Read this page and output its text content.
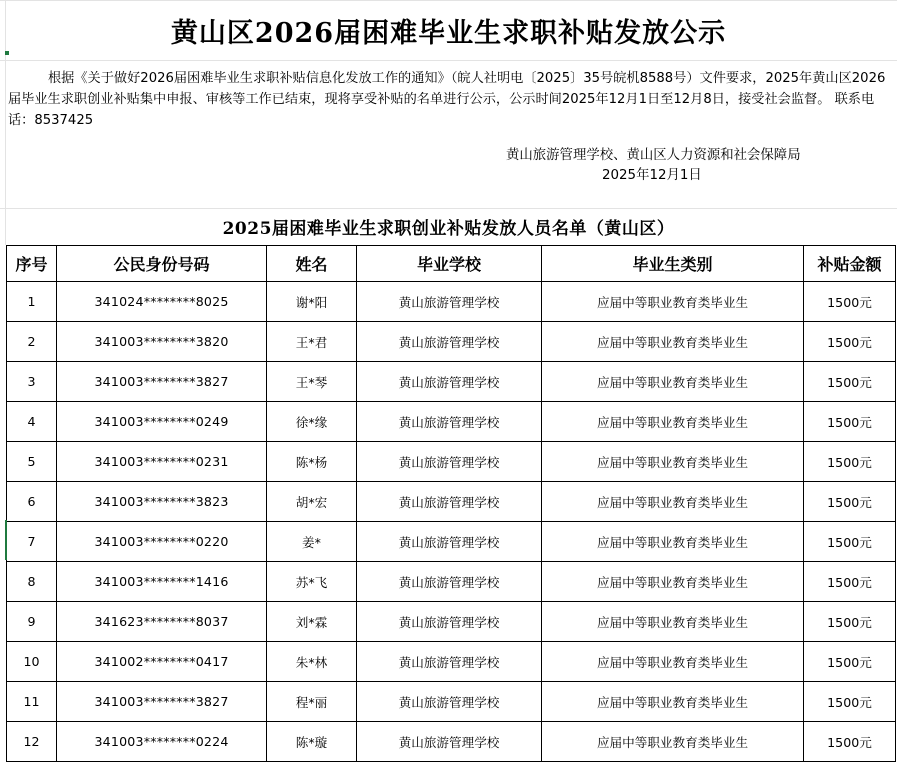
黄山区2026届困难毕业生求职补贴发放公示
根据《关于做好2026届困难毕业生求职补贴信息化发放工作的通知》（皖人社明电〔2025〕35号皖机8588号）文件要求，2025年黄山区2026届毕业生求职创业补贴集中申报、审核等工作已结束，现将享受补贴的名单进行公示，公示时间2025年12月1日至12月8日，接受社会监督。 联系电话：8537425
黄山旅游管理学校、黄山区人力资源和社会保障局
2025年12月1日
2025届困难毕业生求职创业补贴发放人员名单（黄山区）
序号	公民身份号码	姓名	毕业学校	毕业生类别	补贴金额
1	341024********8025	谢*阳	黄山旅游管理学校	应届中等职业教育类毕业生	1500元
2	341003********3820	王*君	黄山旅游管理学校	应届中等职业教育类毕业生	1500元
3	341003********3827	王*琴	黄山旅游管理学校	应届中等职业教育类毕业生	1500元
4	341003********0249	徐*缘	黄山旅游管理学校	应届中等职业教育类毕业生	1500元
5	341003********0231	陈*杨	黄山旅游管理学校	应届中等职业教育类毕业生	1500元
6	341003********3823	胡*宏	黄山旅游管理学校	应届中等职业教育类毕业生	1500元
7	341003********0220	姜*	黄山旅游管理学校	应届中等职业教育类毕业生	1500元
8	341003********1416	苏*飞	黄山旅游管理学校	应届中等职业教育类毕业生	1500元
9	341623********8037	刘*霖	黄山旅游管理学校	应届中等职业教育类毕业生	1500元
10	341002********0417	朱*林	黄山旅游管理学校	应届中等职业教育类毕业生	1500元
11	341003********3827	程*丽	黄山旅游管理学校	应届中等职业教育类毕业生	1500元
12	341003********0224	陈*璇	黄山旅游管理学校	应届中等职业教育类毕业生	1500元
